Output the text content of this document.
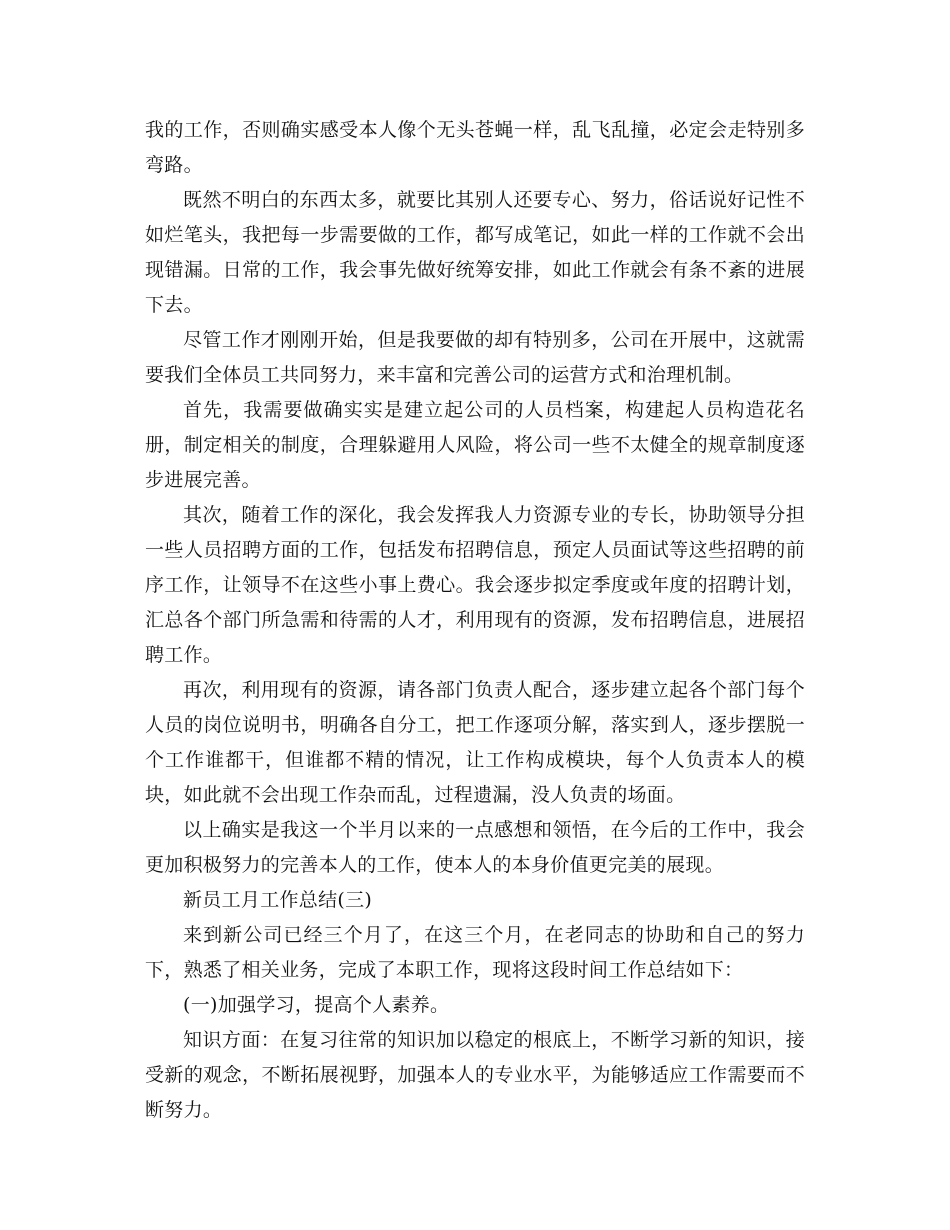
我的工作，否则确实感受本人像个无头苍蝇一样，乱飞乱撞，必定会走特别多弯路。

既然不明白的东西太多，就要比其别人还要专心、努力，俗话说好记性不如烂笔头，我把每一步需要做的工作，都写成笔记，如此一样的工作就不会出现错漏。日常的工作，我会事先做好统筹安排，如此工作就会有条不紊的进展下去。

尽管工作才刚刚开始，但是我要做的却有特别多，公司在开展中，这就需要我们全体员工共同努力，来丰富和完善公司的运营方式和治理机制。

首先，我需要做确实实是建立起公司的人员档案，构建起人员构造花名册，制定相关的制度，合理躲避用人风险，将公司一些不太健全的规章制度逐步进展完善。

其次，随着工作的深化，我会发挥我人力资源专业的专长，协助领导分担一些人员招聘方面的工作，包括发布招聘信息，预定人员面试等这些招聘的前序工作，让领导不在这些小事上费心。我会逐步拟定季度或年度的招聘计划，汇总各个部门所急需和待需的人才，利用现有的资源，发布招聘信息，进展招聘工作。

再次，利用现有的资源，请各部门负责人配合，逐步建立起各个部门每个人员的岗位说明书，明确各自分工，把工作逐项分解，落实到人，逐步摆脱一个工作谁都干，但谁都不精的情况，让工作构成模块，每个人负责本人的模块，如此就不会出现工作杂而乱，过程遗漏，没人负责的场面。

以上确实是我这一个半月以来的一点感想和领悟，在今后的工作中，我会更加积极努力的完善本人的工作，使本人的本身价值更完美的展现。

新员工月工作总结(三)

来到新公司已经三个月了，在这三个月，在老同志的协助和自己的努力下，熟悉了相关业务，完成了本职工作，现将这段时间工作总结如下：

(一)加强学习，提高个人素养。

知识方面：在复习往常的知识加以稳定的根底上，不断学习新的知识，接受新的观念，不断拓展视野，加强本人的专业水平，为能够适应工作需要而不断努力。
